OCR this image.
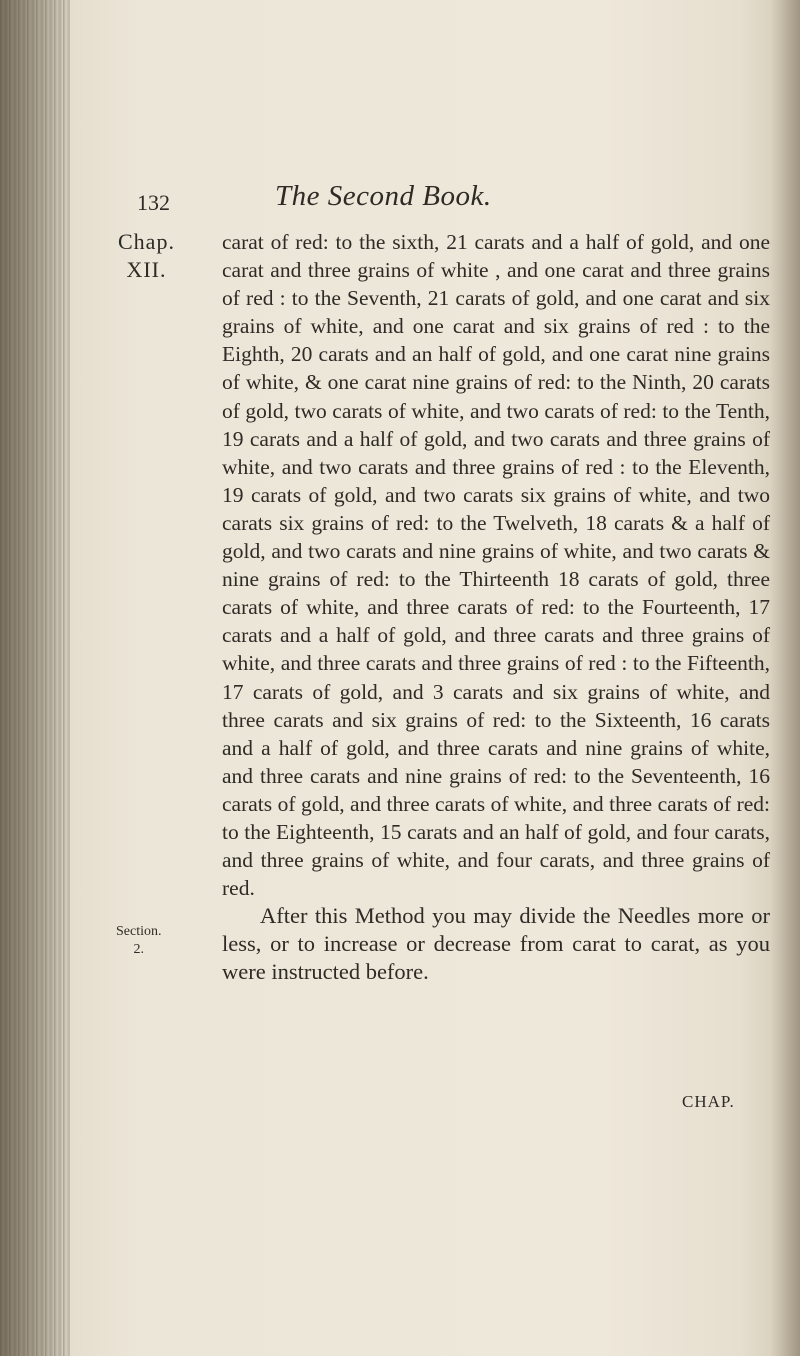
132	The Second Book.
Chap.
XII.
Section.
2.

carat of red: to the sixth, 21 carats and a half of gold, and one carat and three grains of white , and one carat and three grains of red : to the Seventh, 21 carats of gold, and one carat and six grains of white, and one carat and six grains of red : to the Eighth, 20 carats and an half of gold, and one carat nine grains of white, & one carat nine grains of red: to the Ninth, 20 carats of gold, two carats of white, and two carats of red: to the Tenth, 19 carats and a half of gold, and two carats and three grains of white, and two carats and three grains of red : to the Eleventh, 19 carats of gold, and two carats six grains of white, and two carats six grains of red: to the Twelveth, 18 carats & a half of gold, and two carats and nine grains of white, and two carats & nine grains of red: to the Thirteenth 18 carats of gold, three carats of white, and three carats of red: to the Fourteenth, 17 carats and a half of gold, and three carats and three grains of white, and three carats and three grains of red : to the Fifteenth, 17 carats of gold, and 3 carats and six grains of white, and three carats and six grains of red: to the Sixteenth, 16 carats and a half of gold, and three carats and nine grains of white, and three carats and nine grains of red: to the Seventeenth, 16 carats of gold, and three carats of white, and three carats of red: to the Eighteenth, 15 carats and an half of gold, and four carats, and three grains of white, and four carats, and three grains of red.

After this Method you may divide the Needles more or less, or to increase or decrease from carat to carat, as you were instructed before.

CHAP.
